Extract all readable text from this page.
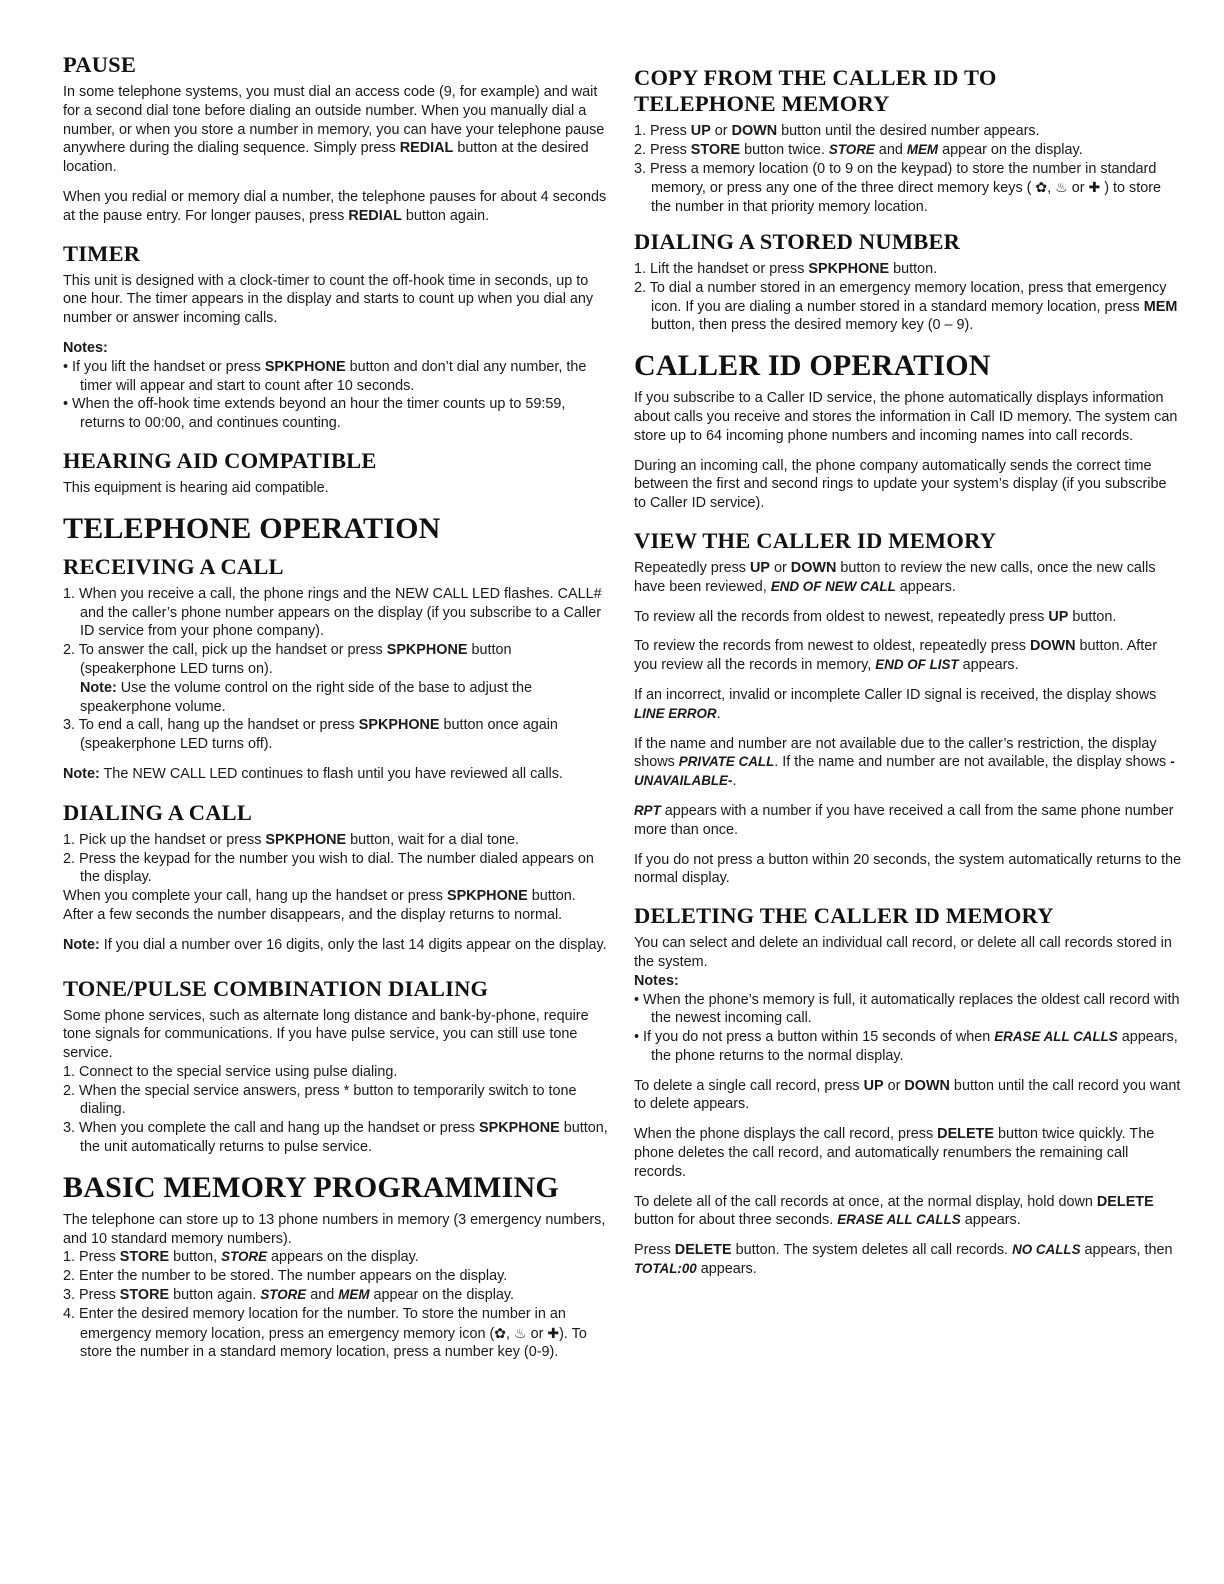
PAUSE
In some telephone systems, you must dial an access code (9, for example) and wait for a second dial tone before dialing an outside number. When you manually dial a number, or when you store a number in memory, you can have your telephone pause anywhere during the dialing sequence. Simply press REDIAL button at the desired location.
When you redial or memory dial a number, the telephone pauses for about 4 seconds at the pause entry. For longer pauses, press REDIAL button again.
TIMER
This unit is designed with a clock-timer to count the off-hook time in seconds, up to one hour. The timer appears in the display and starts to count up when you dial any number or answer incoming calls.
Notes:
• If you lift the handset or press SPKPHONE button and don’t dial any number, the timer will appear and start to count after 10 seconds.
• When the off-hook time extends beyond an hour the timer counts up to 59:59, returns to 00:00, and continues counting.
HEARING AID COMPATIBLE
This equipment is hearing aid compatible.
TELEPHONE OPERATION
RECEIVING A CALL
1. When you receive a call, the phone rings and the NEW CALL LED flashes. CALL# and the caller’s phone number appears on the display (if you subscribe to a Caller ID service from your phone company).
2. To answer the call, pick up the handset or press SPKPHONE button (speakerphone LED turns on).
Note: Use the volume control on the right side of the base to adjust the speakerphone volume.
3. To end a call, hang up the handset or press SPKPHONE button once again (speakerphone LED turns off).
Note: The NEW CALL LED continues to flash until you have reviewed all calls.
DIALING A CALL
1. Pick up the handset or press SPKPHONE button, wait for a dial tone.
2. Press the keypad for the number you wish to dial. The number dialed appears on the display.
When you complete your call, hang up the handset or press SPKPHONE button. After a few seconds the number disappears, and the display returns to normal.
Note: If you dial a number over 16 digits, only the last 14 digits appear on the display.
TONE/PULSE COMBINATION DIALING
Some phone services, such as alternate long distance and bank-by-phone, require tone signals for communications. If you have pulse service, you can still use tone service.
1. Connect to the special service using pulse dialing.
2. When the special service answers, press * button to temporarily switch to tone dialing.
3. When you complete the call and hang up the handset or press SPKPHONE button, the unit automatically returns to pulse service.
BASIC MEMORY PROGRAMMING
The telephone can store up to 13 phone numbers in memory (3 emergency numbers, and 10 standard memory numbers).
1. Press STORE button, STORE appears on the display.
2. Enter the number to be stored. The number appears on the display.
3. Press STORE button again. STORE and MEM appear on the display.
4. Enter the desired memory location for the number. To store the number in an emergency memory location, press an emergency memory icon (✿, ♨ or ✚). To store the number in a standard memory location, press a number key (0-9).
COPY FROM THE CALLER ID TO
TELEPHONE MEMORY
1. Press UP or DOWN button until the desired number appears.
2. Press STORE button twice. STORE and MEM appear on the display.
3. Press a memory location (0 to 9 on the keypad) to store the number in standard memory, or press any one of the three direct memory keys ( ✿, ♨ or ✚ ) to store the number in that priority memory location.
DIALING A STORED NUMBER
1. Lift the handset or press SPKPHONE button.
2. To dial a number stored in an emergency memory location, press that emergency icon. If you are dialing a number stored in a standard memory location, press MEM button, then press the desired memory key (0 – 9).
CALLER ID OPERATION
If you subscribe to a Caller ID service, the phone automatically displays information about calls you receive and stores the information in Call ID memory. The system can store up to 64 incoming phone numbers and incoming names into call records.
During an incoming call, the phone company automatically sends the correct time between the first and second rings to update your system’s display (if you subscribe to Caller ID service).
VIEW THE CALLER ID MEMORY
Repeatedly press UP or DOWN button to review the new calls, once the new calls have been reviewed, END OF NEW CALL appears.
To review all the records from oldest to newest, repeatedly press UP button.
To review the records from newest to oldest, repeatedly press DOWN button. After you review all the records in memory, END OF LIST appears.
If an incorrect, invalid or incomplete Caller ID signal is received, the display shows LINE ERROR.
If the name and number are not available due to the caller’s restriction, the display shows PRIVATE CALL. If the name and number are not available, the display shows -UNAVAILABLE-.
RPT appears with a number if you have received a call from the same phone number more than once.
If you do not press a button within 20 seconds, the system automatically returns to the normal display.
DELETING THE CALLER ID MEMORY
You can select and delete an individual call record, or delete all call records stored in the system.
Notes:
• When the phone’s memory is full, it automatically replaces the oldest call record with the newest incoming call.
• If you do not press a button within 15 seconds of when ERASE ALL CALLS appears, the phone returns to the normal display.
To delete a single call record, press UP or DOWN button until the call record you want to delete appears.
When the phone displays the call record, press DELETE button twice quickly. The phone deletes the call record, and automatically renumbers the remaining call records.
To delete all of the call records at once, at the normal display, hold down DELETE button for about three seconds. ERASE ALL CALLS appears.
Press DELETE button. The system deletes all call records. NO CALLS appears, then TOTAL:00 appears.
